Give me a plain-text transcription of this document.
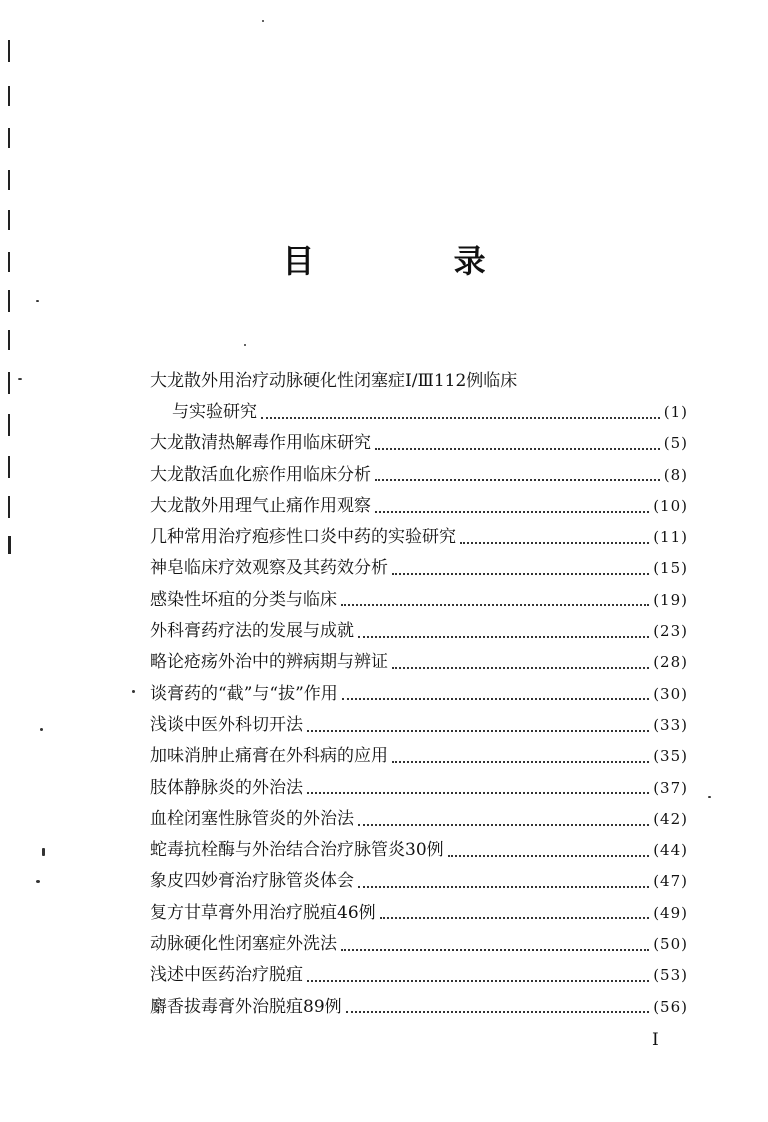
目 录
大龙散外用治疗动脉硬化性闭塞症Ⅰ/Ⅲ112例临床
与实验研究	(1)
大龙散清热解毒作用临床研究	(5)
大龙散活血化瘀作用临床分析	(8)
大龙散外用理气止痛作用观察	(10)
几种常用治疗疱疹性口炎中药的实验研究	(11)
神皂临床疗效观察及其药效分析	(15)
感染性坏疽的分类与临床	(19)
外科膏药疗法的发展与成就	(23)
略论疮疡外治中的辨病期与辨证	(28)
谈膏药的“截”与“拔”作用	(30)
浅谈中医外科切开法	(33)
加味消肿止痛膏在外科病的应用	(35)
肢体静脉炎的外治法	(37)
血栓闭塞性脉管炎的外治法	(42)
蛇毒抗栓酶与外治结合治疗脉管炎30例	(44)
象皮四妙膏治疗脉管炎体会	(47)
复方甘草膏外用治疗脱疽46例	(49)
动脉硬化性闭塞症外洗法	(50)
浅述中医药治疗脱疽	(53)
麝香拔毒膏外治脱疽89例	(56)
I
